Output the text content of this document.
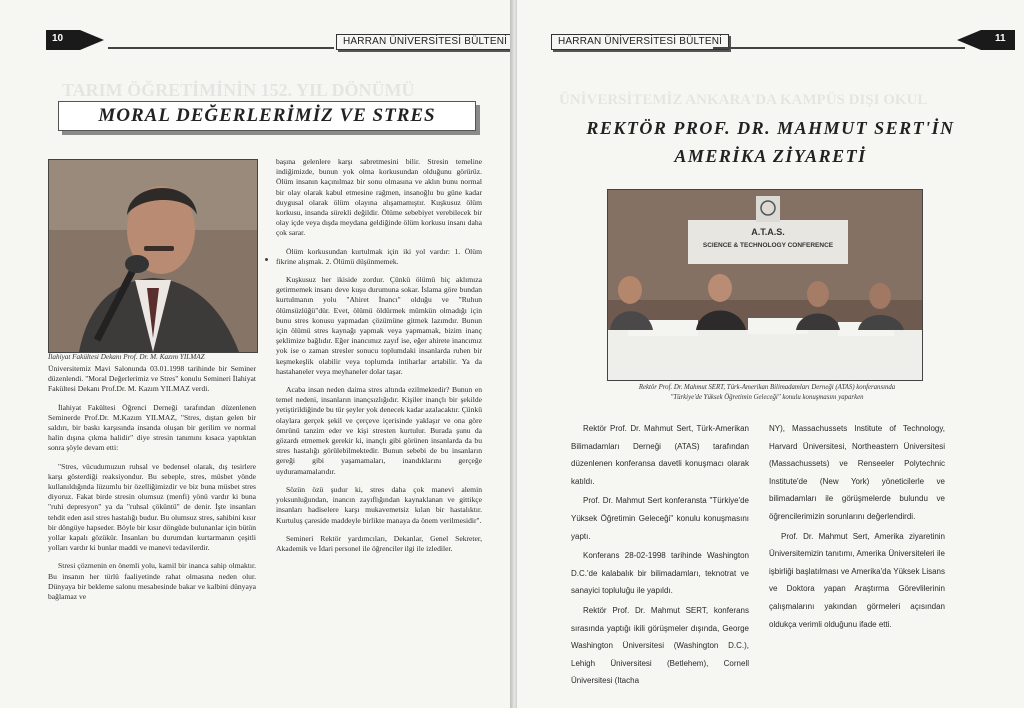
TARIM ÖĞRETİMİNİN 152. YIL DÖNÜMÜ
10	HARRAN ÜNİVERSİTESİ BÜLTENİ
MORAL DEĞERLERİMİZ VE STRES
İlahiyat Fakültesi Dekanı Prof. Dr. M. Kazım YILMAZ

Üniversitemiz Mavi Salonunda 03.01.1998 tarihinde bir Seminer düzenlendi. "Moral Değerlerimiz ve Stres" konulu Semineri İlahiyat Fakültesi Dekanı Prof.Dr. M. Kazım YILMAZ verdi.

İlahiyat Fakültesi Öğrenci Derneği tarafından düzenlenen Seminerde Prof.Dr. M.Kazım YILMAZ, "Stres, dıştan gelen bir saldırı, bir baskı karşısında insanda oluşan bir gerilim ve normal halin dışına çıkma halidir" diye stresin tanımını kısaca yaptıktan sonra şöyle devam etti:

"Stres, vücudumuzun ruhsal ve bedensel olarak, dış tesirlere karşı gösterdiği reaksiyondur. Bu sebeple, stres, müsbet yönde kullanıldığında lüzumlu bir özelliğimizdir ve biz buna müsbet stres diyoruz. Fakat birde stresin olumsuz (menfi) yönü vardır ki buna "ruhi depresyon" ya da "ruhsal çöküntü" de denir. İşte insanları tehdit eden asıl stres hastalığı budur. Bu olumsuz stres, sahibini kısır bir döngüye hapseder. Böyle bir kısır döngüde bulunanlar için bütün yollar kapalı gözükür. İnsanları bu durumdan kurtarmanın çeşitli yolları vardır ki bunlar maddi ve manevi tedavilerdir.

Stresi çözmenin en önemli yolu, kamil bir inanca sahip olmaktır. Bu insanın her türlü faaliyetinde rahat olmasına neden olur. Dünyaya bir bekleme salonu mesabesinde bakar ve kalbini dünyaya bağlamaz ve

başına gelenlere karşı sabretmesini bilir. Stresin temeline indiğimizde, bunun yok olma korkusundan olduğunu görürüz. Ölüm insanın kaçınılmaz bir sonu olmasına ve aklın bunu normal bir olay olarak kabul etmesine rağmen, insanoğlu bu güne kadar duygusal olarak ölüm olayına alışamamıştır. Kuşkusuz ölüm korkusu, insanda sürekli değildir. Ölüme sebebiyet verebilecek bir olay içde veya dışda meydana geldiğinde ölüm korkusu insanı daha çok sarar.

Ölüm korkusundan kurtulmak için iki yol vardır: 1. Ölüm fikrine alışmak. 2. Ölümü düşünmemek.

Kuşkusuz her ikiside zordur. Çünkü ölümü hiç aklımıza getirmemek insanı deve kuşu durumuna sokar. İslama göre bundan kurtulmanın yolu "Ahiret İnancı" olduğu ve "Ruhun ölümsüzlüğü"dür. Evet, ölümü öldürmek mümkün olmadığı için bunu stres konusu yapmadan çözümüne gitmek lazımdır. Bunun için ölümü stres kaynağı yapmak veya yapmamak, bizim inanç şeklimize bağlıdır. Eğer inancımız zayıf ise, eğer ahirete inancımız yok ise o zaman stresler sonucu toplumdaki insanlarda ruhen bir keşmekeşlik olabilir veya toplumda intiharlar artabilir. Ya da hastahaneler veya meyhaneler dolar taşar.

Acaba insan neden daima stres altında ezilmektedir? Bunun en temel nedeni, insanların inançsızlığıdır. Kişiler inançlı bir şekilde yetiştirildiğinde bu tür şeyler yok denecek kadar azalacaktır. Çünkü olaylara gerçek şekil ve çerçeve içerisinde yaklaşır ve ona göre ömrünü tanzim eder ve kişi stresten kurtulur. Burada şunu da gözardı etmemek gerekir ki, inançlı gibi görünen insanlarda da bu stres hastalığı görülebilmektedir. Bunun sebebi de bu insanların gereği gibi yaşamamaları, inandıklarını gerçeğe uyduramamalarıdır.

Sözün özü şudur ki, stres daha çok manevi alemin yoksunluğundan, inancın zayıflığından kaynaklanan ve gittikçe insanları hadiselere karşı mukavemetsiz kılan bir hastalıktır. Kurtuluş çareside maddeyle birlikte manaya da önem verilmesidir".

Semineri Rektör yardımcıları, Dekanlar, Genel Sekreter, Akademik ve İdari personel ile öğrenciler ilgi ile izlediler.

ÜNİVERSİTEMİZ ANKARA'DA KAMPÜS DIŞI OKUL
HARRAN ÜNİVERSİTESİ BÜLTENİ	11
REKTÖR PROF. DR. MAHMUT SERT'İN
AMERİKA ZİYARETİ
A.T.A.S.
SCIENCE & TECHNOLOGY CONFERENCE
Rektör Prof. Dr. Mahmut SERT, Türk-Amerikan Bilimadamları Derneği (ATAS) konferansında
"Türkiye'de Yüksek Öğretimin Geleceği" konulu konuşmasını yaparken

Rektör Prof. Dr. Mahmut Sert, Türk-Amerikan Bilimadamları Derneği (ATAS) tarafından düzenlenen konferansa davetli konuşmacı olarak katıldı.

Prof. Dr. Mahmut Sert konferansta "Türkiye'de Yüksek Öğretimin Geleceği" konulu konuşmasını yaptı.

Konferans 28-02-1998 tarihinde Washington D.C.'de kalabalık bir bilimadamları, teknotrat ve sanayici topluluğu ile yapıldı.

Rektör Prof. Dr. Mahmut SERT, konferans sırasında yaptığı ikili görüşmeler dışında, George Washington Üniversitesi (Washington D.C.), Lehigh Üniversitesi (Betlehem), Cornell Üniversitesi (Itacha

NY), Massachussets Institute of Technology, Harvard Üniversitesi, Northeastern Üniversitesi (Massachussets) ve Renseeler Polytechnic Institute'de (New York) yöneticilerle ve bilimadamları ile görüşmelerde bulundu ve öğrencilerimizin sorunlarını değerlendirdi.

Prof. Dr. Mahmut Sert, Amerika ziyaretinin Üniversitemizin tanıtımı, Amerika Üniversiteleri ile işbirliği başlatılması ve Amerika'da Yüksek Lisans ve Doktora yapan Araştırma Görevlilerinin çalışmalarını yakından görmeleri açısından oldukça verimli olduğunu ifade etti.
